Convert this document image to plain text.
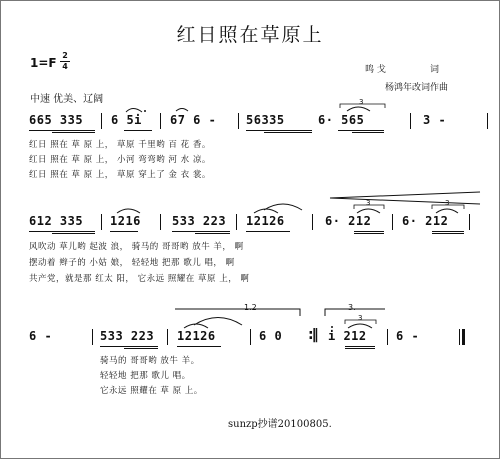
红日照在草原上
1=F
2
4	鸣 戈	词
杨鸿年改词作曲
中速 优美、辽阔
665 335 6 5i 67 6 - 56335	6· 565	3 -
红日 照在 草 原 上， 草原 千里哟 百 花 香。
红日 照在 草 原 上， 小河 弯弯哟 河 水 凉。
红日 照在 草 原 上， 草原 穿上了 金 衣 裳。
612 335 1216	533 223 12126	6· 212	6· 212
风吹动 草儿哟 起波 浪， 骑马的 哥哥哟 放牛 羊， 啊
摆动着 辫子的 小姑 娘， 轻轻地 把那 歌儿 唱， 啊
共产党，就是那 红太 阳， 它永远 照耀在 草原 上， 啊
6 -	533 223 12126	6 0 :‖ i 212 6 -
骑马的 哥哥哟 放牛 羊。
轻轻地 把那 歌儿 唱。
它永远 照耀在 草 原 上。
1.2	3.
sunzp抄谱20100805.
3
3	3
3
